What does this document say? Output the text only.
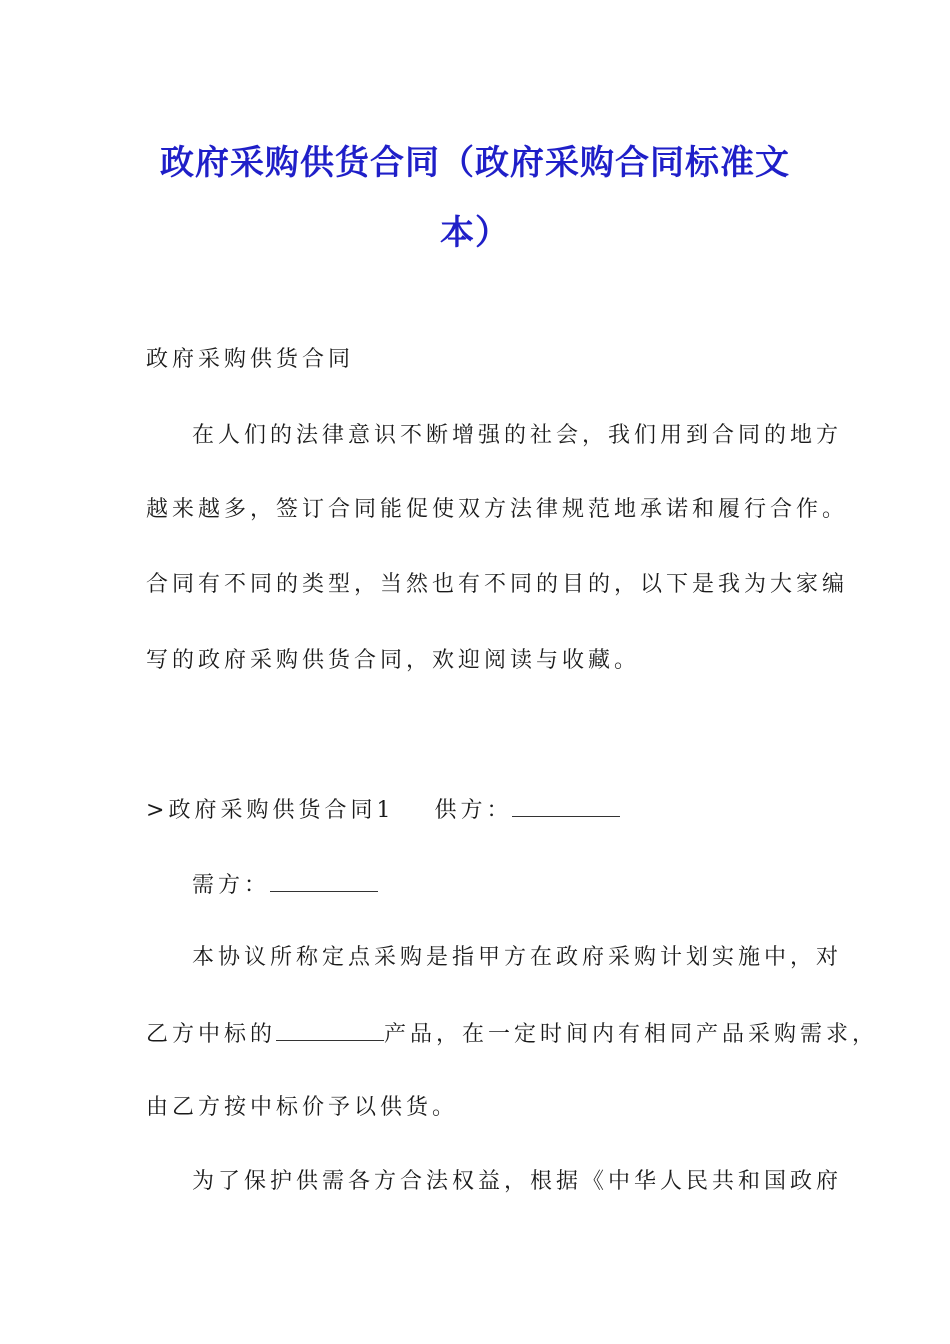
政府采购供货合同（政府采购合同标准文
本）
政府采购供货合同
在人们的法律意识不断增强的社会，我们用到合同的地方
越来越多，签订合同能促使双方法律规范地承诺和履行合作。
合同有不同的类型，当然也有不同的目的，以下是我为大家编
写的政府采购供货合同，欢迎阅读与收藏。
>政府采购供货合同1 供方：
需方：
本协议所称定点采购是指甲方在政府采购计划实施中，对
乙方中标的	产品，在一定时间内有相同产品采购需求，
由乙方按中标价予以供货。
为了保护供需各方合法权益，根据《中华人民共和国政府
